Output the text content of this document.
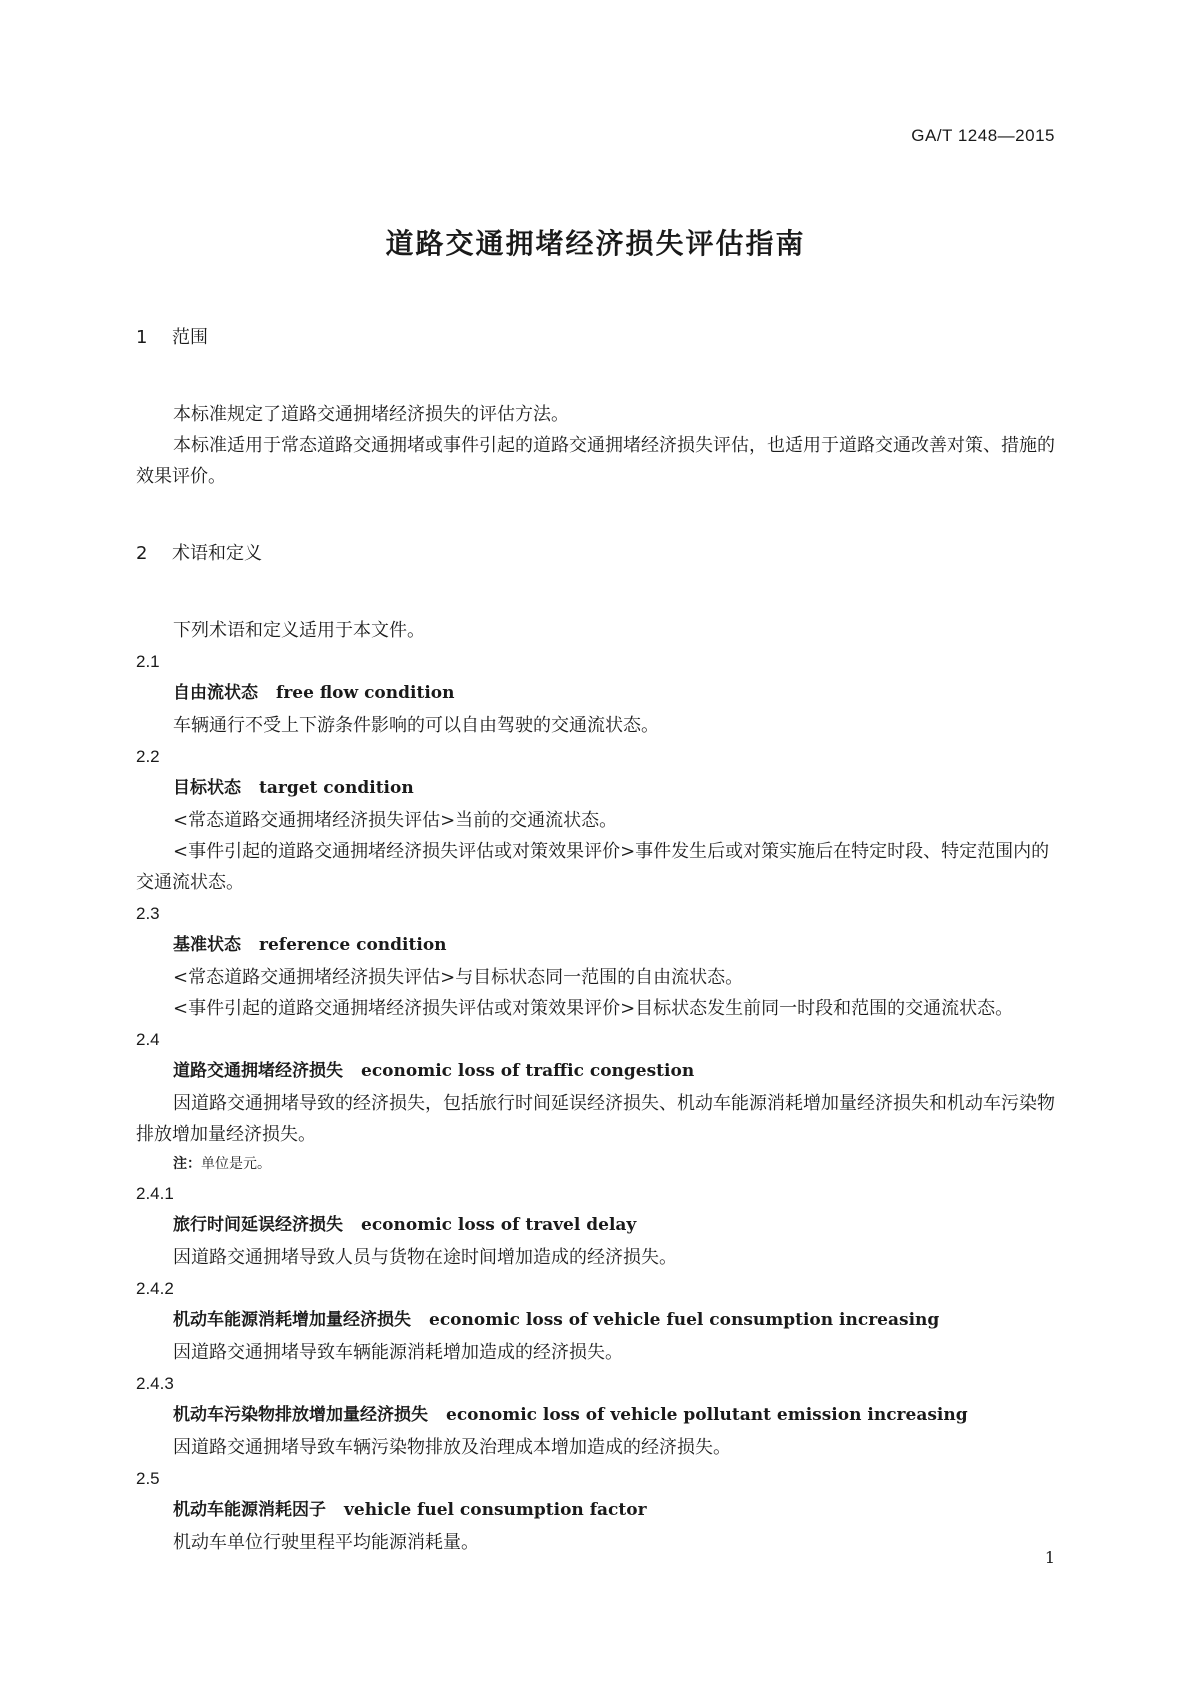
GA/T 1248—2015
道路交通拥堵经济损失评估指南
1 范围

本标准规定了道路交通拥堵经济损失的评估方法。

本标准适用于常态道路交通拥堵或事件引起的道路交通拥堵经济损失评估，也适用于道路交通改善对策、措施的效果评价。

2 术语和定义

下列术语和定义适用于本文件。

2.1
自由流状态 free flow condition

车辆通行不受上下游条件影响的可以自由驾驶的交通流状态。

2.2
目标状态 target condition

<常态道路交通拥堵经济损失评估>当前的交通流状态。

<事件引起的道路交通拥堵经济损失评估或对策效果评价>事件发生后或对策实施后在特定时段、特定范围内的交通流状态。

2.3
基准状态 reference condition

<常态道路交通拥堵经济损失评估>与目标状态同一范围的自由流状态。

<事件引起的道路交通拥堵经济损失评估或对策效果评价>目标状态发生前同一时段和范围的交通流状态。

2.4
道路交通拥堵经济损失 economic loss of traffic congestion

因道路交通拥堵导致的经济损失，包括旅行时间延误经济损失、机动车能源消耗增加量经济损失和机动车污染物排放增加量经济损失。

注：单位是元。
2.4.1
旅行时间延误经济损失 economic loss of travel delay

因道路交通拥堵导致人员与货物在途时间增加造成的经济损失。

2.4.2
机动车能源消耗增加量经济损失 economic loss of vehicle fuel consumption increasing

因道路交通拥堵导致车辆能源消耗增加造成的经济损失。

2.4.3
机动车污染物排放增加量经济损失 economic loss of vehicle pollutant emission increasing

因道路交通拥堵导致车辆污染物排放及治理成本增加造成的经济损失。

2.5
机动车能源消耗因子 vehicle fuel consumption factor

机动车单位行驶里程平均能源消耗量。

1
